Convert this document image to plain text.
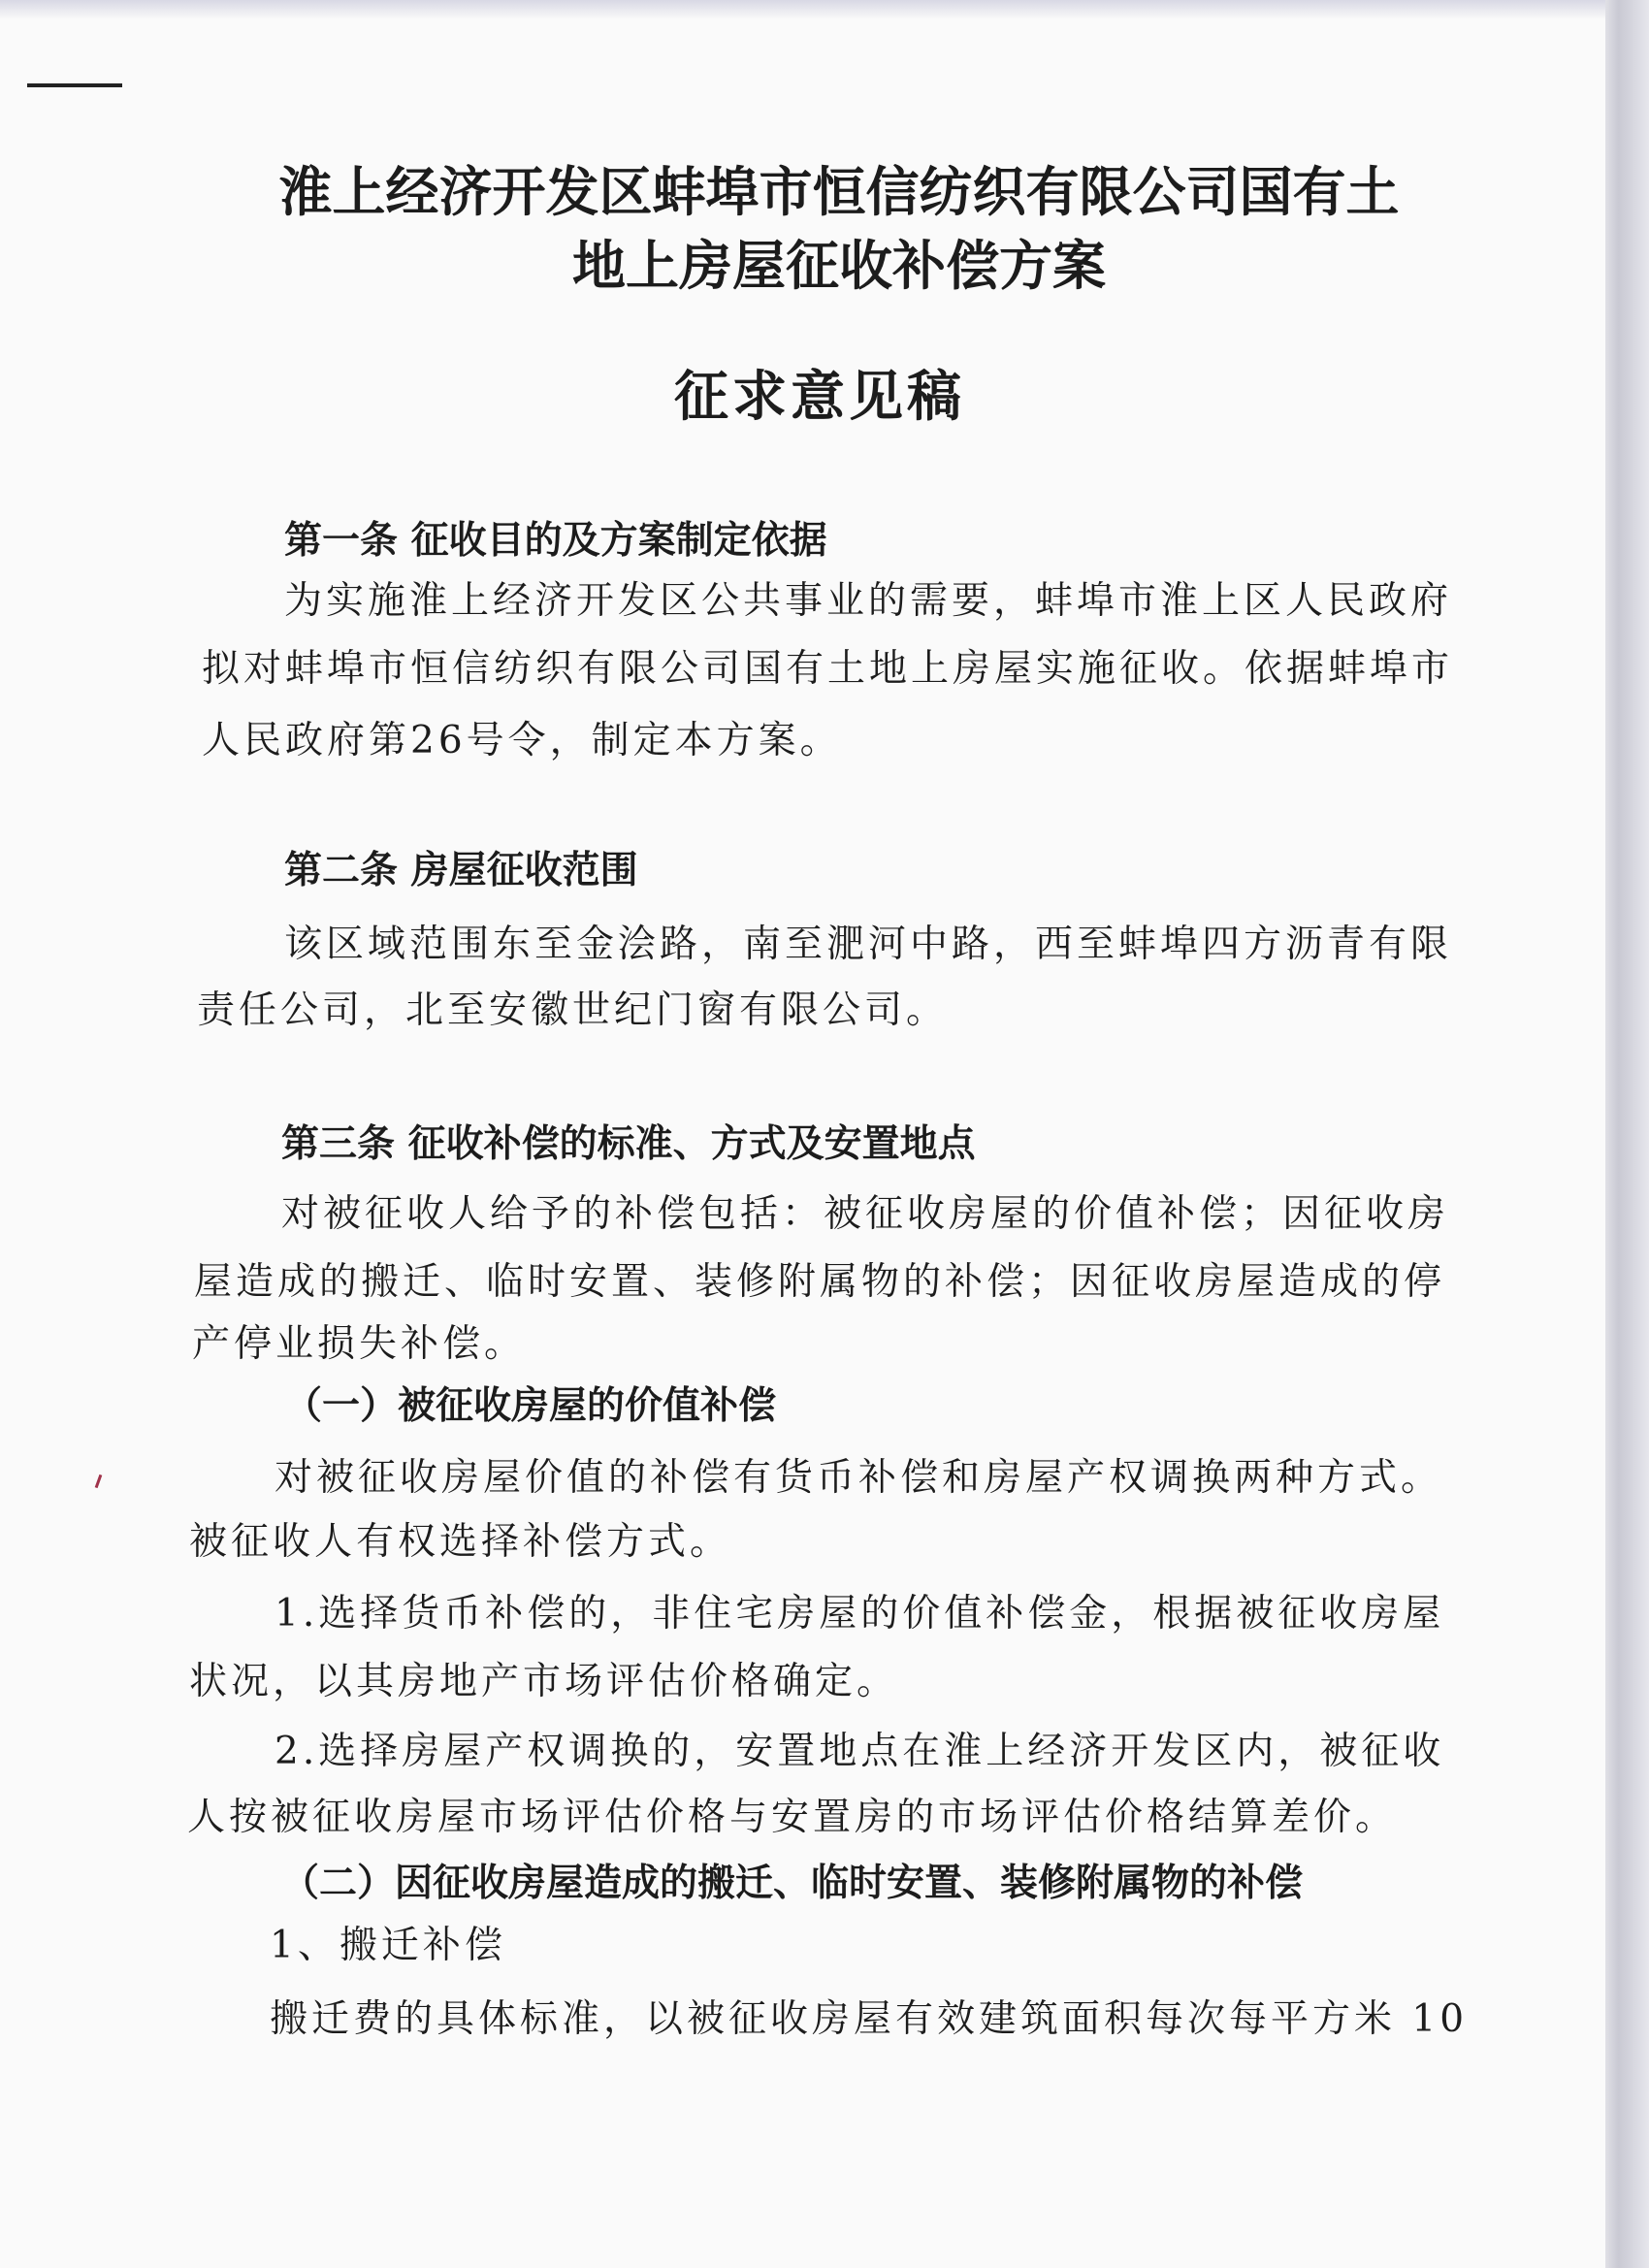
淮上经济开发区蚌埠市恒信纺织有限公司国有土
地上房屋征收补偿方案
征求意见稿
第一条 征收目的及方案制定依据
为实施淮上经济开发区公共事业的需要，蚌埠市淮上区人民政府
拟对蚌埠市恒信纺织有限公司国有土地上房屋实施征收。依据蚌埠市
人民政府第26号令，制定本方案。
第二条 房屋征收范围
该区域范围东至金浍路，南至淝河中路，西至蚌埠四方沥青有限
责任公司，北至安徽世纪门窗有限公司。
第三条 征收补偿的标准、方式及安置地点
对被征收人给予的补偿包括：被征收房屋的价值补偿；因征收房
屋造成的搬迁、临时安置、装修附属物的补偿；因征收房屋造成的停
产停业损失补偿。
（一）被征收房屋的价值补偿
对被征收房屋价值的补偿有货币补偿和房屋产权调换两种方式。
被征收人有权选择补偿方式。
1.选择货币补偿的，非住宅房屋的价值补偿金，根据被征收房屋
状况，以其房地产市场评估价格确定。
2.选择房屋产权调换的，安置地点在淮上经济开发区内，被征收
人按被征收房屋市场评估价格与安置房的市场评估价格结算差价。
（二）因征收房屋造成的搬迁、临时安置、装修附属物的补偿
1、搬迁补偿
搬迁费的具体标准，以被征收房屋有效建筑面积每次每平方米 10
